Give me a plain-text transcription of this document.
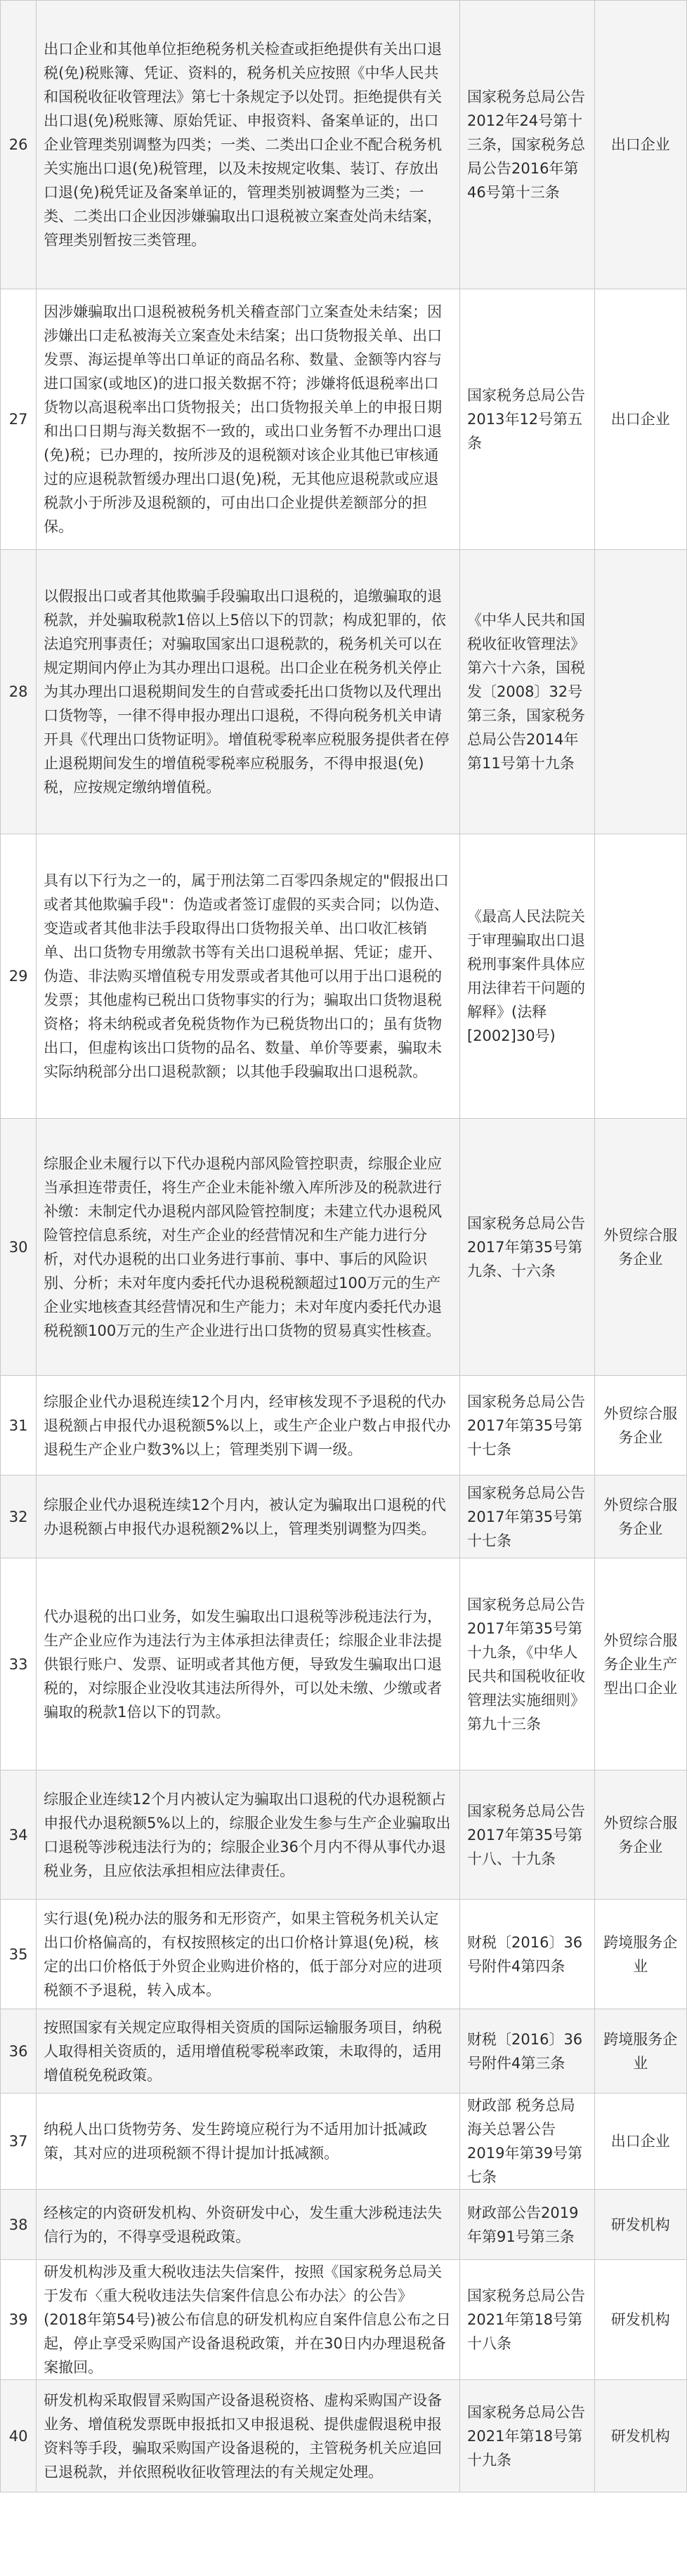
26	出口企业和其他单位拒绝税务机关检查或拒绝提供有关出口退税(免)税账簿、凭证、资料的，税务机关应按照《中华人民共和国税收征收管理法》第七十条规定予以处罚。拒绝提供有关出口退(免)税账簿、原始凭证、申报资料、备案单证的，出口企业管理类别调整为四类；一类、二类出口企业不配合税务机关实施出口退(免)税管理，以及未按规定收集、装订、存放出口退(免)税凭证及备案单证的，管理类别被调整为三类；一类、二类出口企业因涉嫌骗取出口退税被立案查处尚未结案，管理类别暂按三类管理。	国家税务总局公告2012年24号第十三条，国家税务总局公告2016年第46号第十三条	出口企业
27	因涉嫌骗取出口退税被税务机关稽查部门立案查处未结案；因涉嫌出口走私被海关立案查处未结案；出口货物报关单、出口发票、海运提单等出口单证的商品名称、数量、金额等内容与进口国家(或地区)的进口报关数据不符；涉嫌将低退税率出口货物以高退税率出口货物报关；出口货物报关单上的申报日期和出口日期与海关数据不一致的，或出口业务暂不办理出口退(免)税；已办理的，按所涉及的退税额对该企业其他已审核通过的应退税款暂缓办理出口退(免)税，无其他应退税款或应退税款小于所涉及退税额的，可由出口企业提供差额部分的担保。	国家税务总局公告2013年12号第五条	出口企业
28	以假报出口或者其他欺骗手段骗取出口退税的，追缴骗取的退税款，并处骗取税款1倍以上5倍以下的罚款；构成犯罪的，依法追究刑事责任；对骗取国家出口退税款的，税务机关可以在规定期间内停止为其办理出口退税。出口企业在税务机关停止为其办理出口退税期间发生的自营或委托出口货物以及代理出口货物等，一律不得申报办理出口退税，不得向税务机关申请开具《代理出口货物证明》。增值税零税率应税服务提供者在停止退税期间发生的增值税零税率应税服务，不得申报退(免)税，应按规定缴纳增值税。	《中华人民共和国税收征收管理法》第六十六条，国税发〔2008〕32号第三条，国家税务总局公告2014年第11号第十九条	
29	具有以下行为之一的，属于刑法第二百零四条规定的"假报出口或者其他欺骗手段"：伪造或者签订虚假的买卖合同；以伪造、变造或者其他非法手段取得出口货物报关单、出口收汇核销单、出口货物专用缴款书等有关出口退税单据、凭证；虚开、伪造、非法购买增值税专用发票或者其他可以用于出口退税的发票；其他虚构已税出口货物事实的行为；骗取出口货物退税资格；将未纳税或者免税货物作为已税货物出口的；虽有货物出口，但虚构该出口货物的品名、数量、单价等要素，骗取未实际纳税部分出口退税款额；以其他手段骗取出口退税款。	《最高人民法院关于审理骗取出口退税刑事案件具体应用法律若干问题的解释》(法释[2002]30号)	
30	综服企业未履行以下代办退税内部风险管控职责，综服企业应当承担连带责任，将生产企业未能补缴入库所涉及的税款进行补缴：未制定代办退税内部风险管控制度；未建立代办退税风险管控信息系统，对生产企业的经营情况和生产能力进行分析，对代办退税的出口业务进行事前、事中、事后的风险识别、分析；未对年度内委托代办退税税额超过100万元的生产企业实地核查其经营情况和生产能力；未对年度内委托代办退税税额100万元的生产企业进行出口货物的贸易真实性核查。	国家税务总局公告2017年第35号第九条、十六条	外贸综合服务企业
31	综服企业代办退税连续12个月内，经审核发现不予退税的代办退税额占申报代办退税额5%以上，或生产企业户数占申报代办退税生产企业户数3%以上；管理类别下调一级。	国家税务总局公告2017年第35号第十七条	外贸综合服务企业
32	综服企业代办退税连续12个月内，被认定为骗取出口退税的代办退税额占申报代办退税额2%以上，管理类别调整为四类。	国家税务总局公告2017年第35号第十七条	外贸综合服务企业
33	代办退税的出口业务，如发生骗取出口退税等涉税违法行为，生产企业应作为违法行为主体承担法律责任；综服企业非法提供银行账户、发票、证明或者其他方便，导致发生骗取出口退税的，对综服企业没收其违法所得外，可以处未缴、少缴或者骗取的税款1倍以下的罚款。	国家税务总局公告2017年第35号第十九条，《中华人民共和国税收征收管理法实施细则》第九十三条	外贸综合服务企业生产型出口企业
34	综服企业连续12个月内被认定为骗取出口退税的代办退税额占申报代办退税额5%以上的，综服企业发生参与生产企业骗取出口退税等涉税违法行为的；综服企业36个月内不得从事代办退税业务，且应依法承担相应法律责任。	国家税务总局公告2017年第35号第十八、十九条	外贸综合服务企业
35	实行退(免)税办法的服务和无形资产，如果主管税务机关认定出口价格偏高的，有权按照核定的出口价格计算退(免)税，核定的出口价格低于外贸企业购进价格的，低于部分对应的进项税额不予退税，转入成本。	财税〔2016〕36号附件4第四条	跨境服务企业
36	按照国家有关规定应取得相关资质的国际运输服务项目，纳税人取得相关资质的，适用增值税零税率政策，未取得的，适用增值税免税政策。	财税〔2016〕36号附件4第三条	跨境服务企业
37	纳税人出口货物劳务、发生跨境应税行为不适用加计抵减政策，其对应的进项税额不得计提加计抵减额。	财政部 税务总局 海关总署公告2019年第39号第七条	出口企业
38	经核定的内资研发机构、外资研发中心，发生重大涉税违法失信行为的，不得享受退税政策。	财政部公告2019年第91号第三条	研发机构
39	研发机构涉及重大税收违法失信案件，按照《国家税务总局关于发布〈重大税收违法失信案件信息公布办法〉的公告》(2018年第54号)被公布信息的研发机构应自案件信息公布之日起，停止享受采购国产设备退税政策，并在30日内办理退税备案撤回。	国家税务总局公告2021年第18号第十八条	研发机构
40	研发机构采取假冒采购国产设备退税资格、虚构采购国产设备业务、增值税发票既申报抵扣又申报退税、提供虚假退税申报资料等手段，骗取采购国产设备退税的，主管税务机关应追回已退税款，并依照税收征收管理法的有关规定处理。	国家税务总局公告2021年第18号第十九条	研发机构
